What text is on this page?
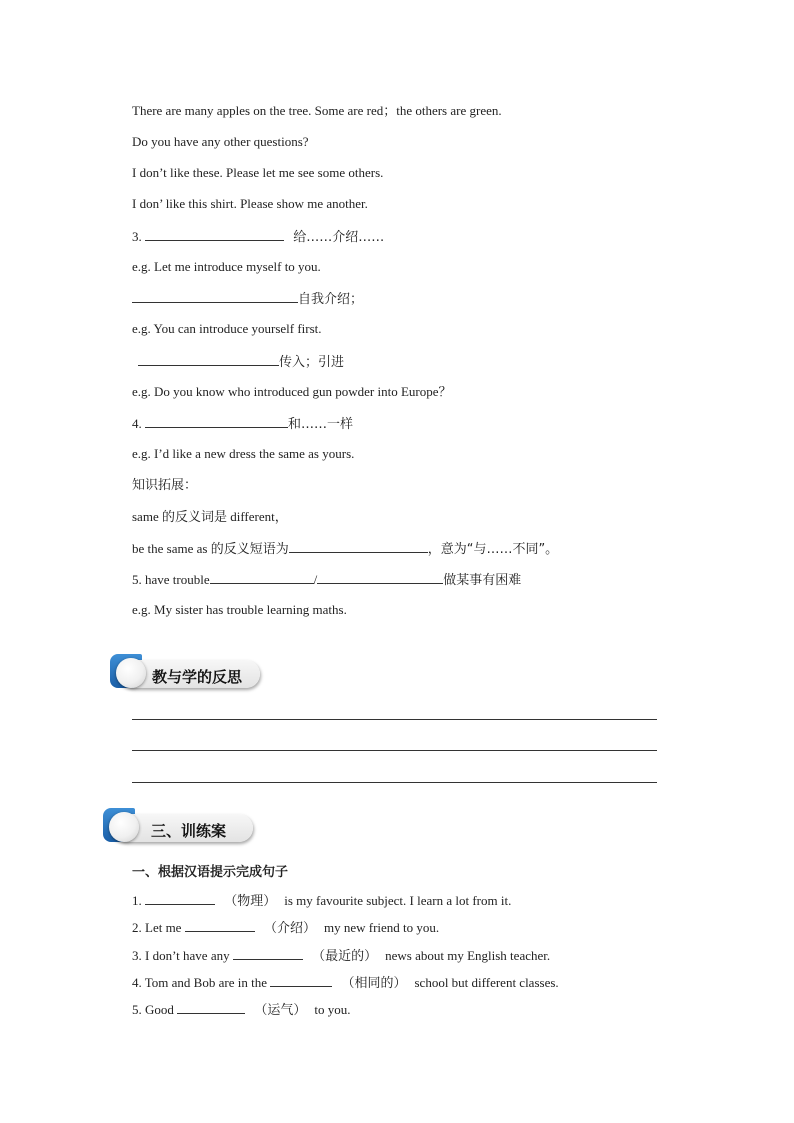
There are many apples on the tree. Some are red；the others are green.
Do you have any other questions?
I don’t like these. Please let me see some others.
I don’ like this shirt. Please show me another.
3.	给……介绍……
e.g. Let me introduce myself to you.
自我介绍；
e.g. You can introduce yourself first.
传入；引进
e.g. Do you know who introduced gun powder into Europe？
4.	和……一样
e.g. I’d like a new dress the same as yours.
知识拓展：
same 的反义词是 different，
be the same as 的反义短语为	，意为“与……不同”。
5. have trouble	/	做某事有困难
e.g. My sister has trouble learning maths.
教与学的反思
三、训练案
一、根据汉语提示完成句子
1.	（物理） is my favourite subject. I learn a lot from it.
2. Let me	（介绍） my new friend to you.
3. I don’t have any	（最近的） news about my English teacher.
4. Tom and Bob are in the	（相同的） school but different classes.
5. Good	（运气） to you.
